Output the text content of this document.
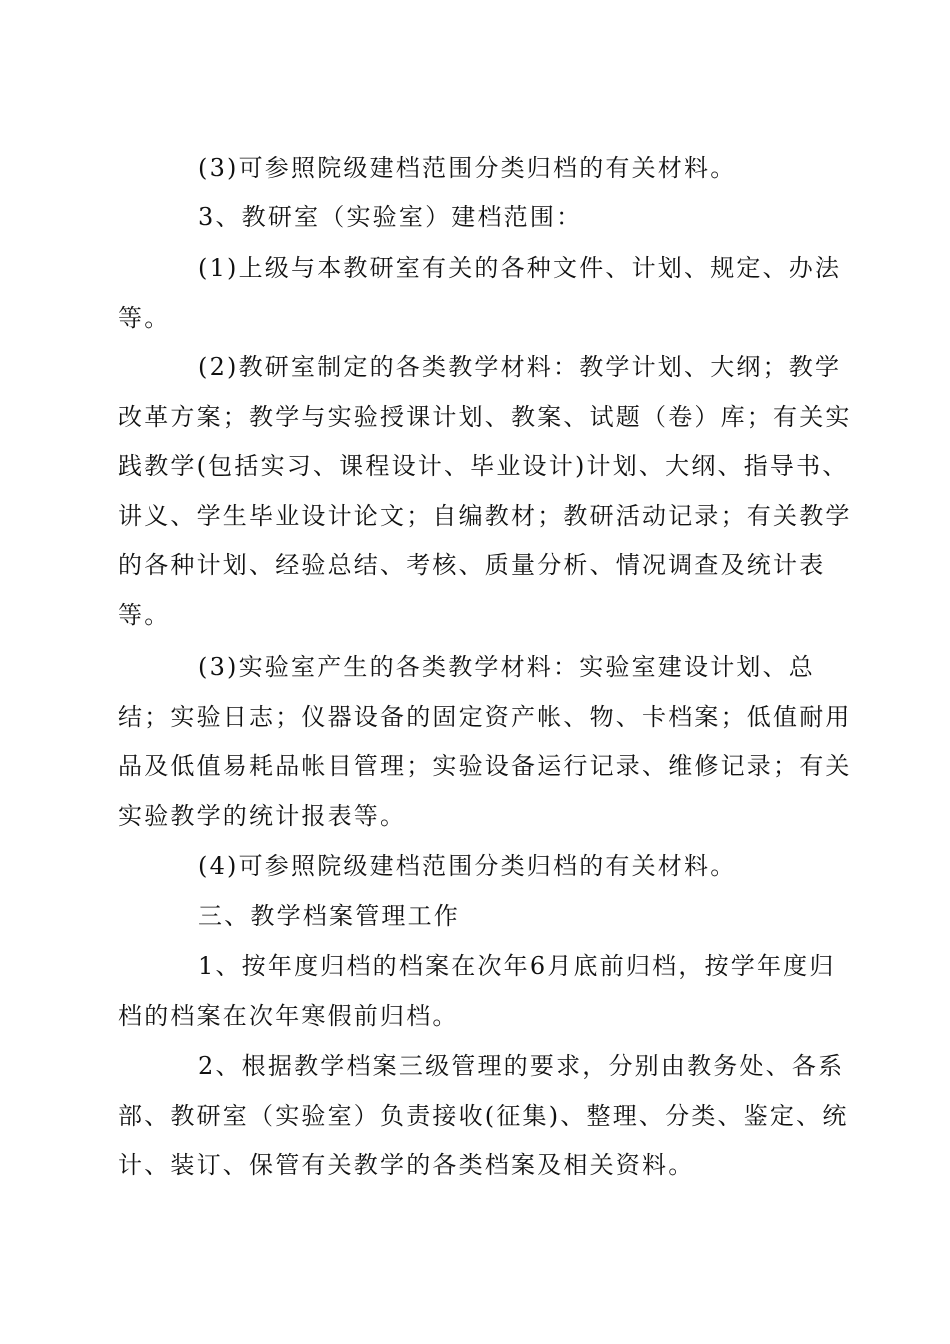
(3)可参照院级建档范围分类归档的有关材料。

3、教研室（实验室）建档范围：

(1)上级与本教研室有关的各种文件、计划、规定、办法等。

(2)教研室制定的各类教学材料：教学计划、大纲；教学改革方案；教学与实验授课计划、教案、试题（卷）库；有关实践教学(包括实习、课程设计、毕业设计)计划、大纲、指导书、讲义、学生毕业设计论文；自编教材；教研活动记录；有关教学的各种计划、经验总结、考核、质量分析、情况调查及统计表等。

(3)实验室产生的各类教学材料：实验室建设计划、总结；实验日志；仪器设备的固定资产帐、物、卡档案；低值耐用品及低值易耗品帐目管理；实验设备运行记录、维修记录；有关实验教学的统计报表等。

(4)可参照院级建档范围分类归档的有关材料。

三、教学档案管理工作

1、按年度归档的档案在次年6月底前归档，按学年度归档的档案在次年寒假前归档。

2、根据教学档案三级管理的要求，分别由教务处、各系部、教研室（实验室）负责接收(征集)、整理、分类、鉴定、统计、装订、保管有关教学的各类档案及相关资料。
